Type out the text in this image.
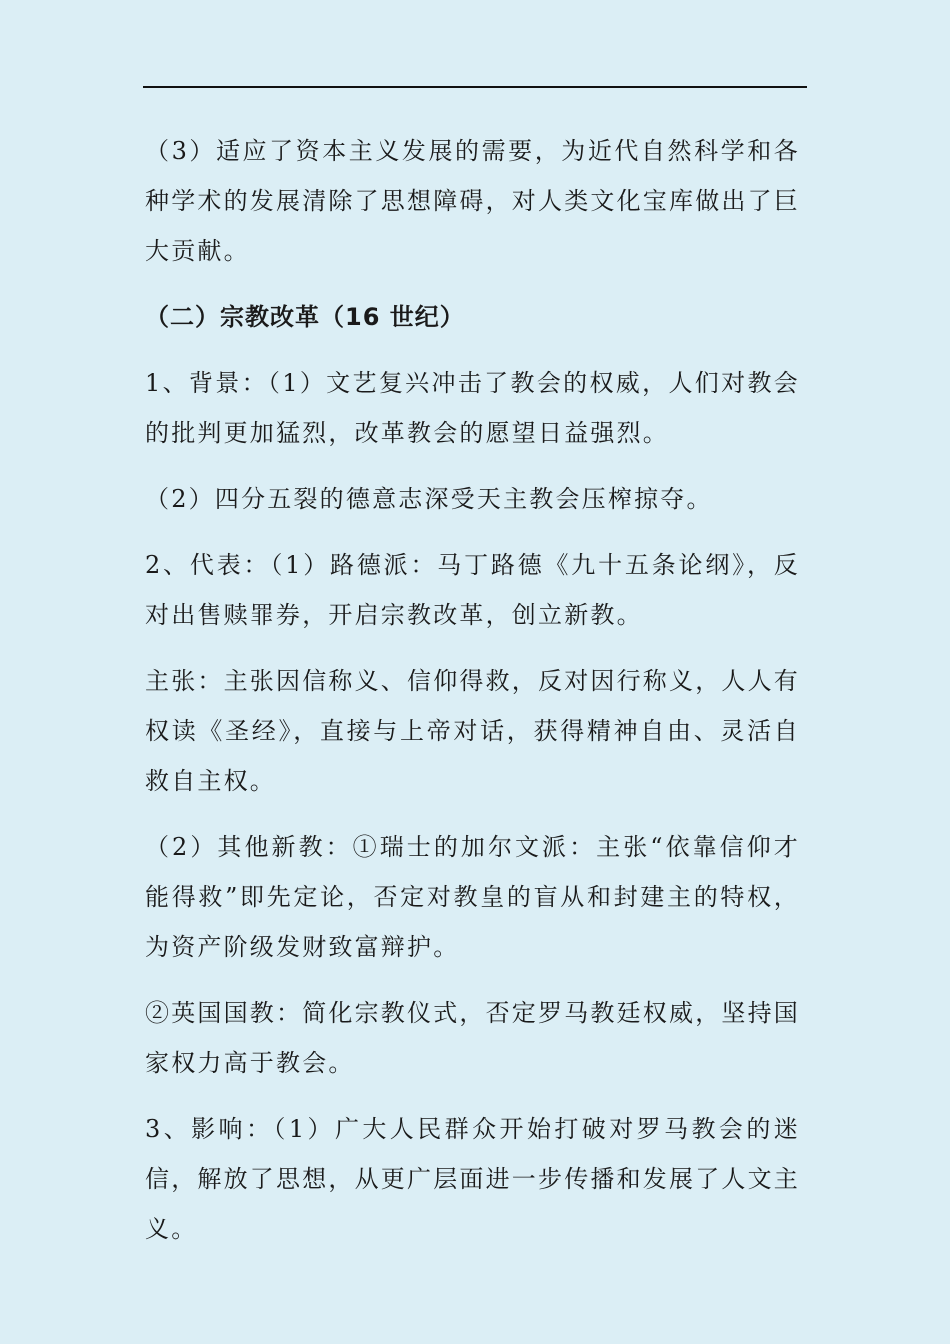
（3）适应了资本主义发展的需要，为近代自然科学和各种学术的发展清除了思想障碍，对人类文化宝库做出了巨大贡献。

（二）宗教改革（16 世纪）

1、背景：（1）文艺复兴冲击了教会的权威，人们对教会的批判更加猛烈，改革教会的愿望日益强烈。

（2）四分五裂的德意志深受天主教会压榨掠夺。

2、代表：（1）路德派：马丁路德《九十五条论纲》，反对出售赎罪券，开启宗教改革，创立新教。

主张：主张因信称义、信仰得救，反对因行称义，人人有权读《圣经》，直接与上帝对话，获得精神自由、灵活自救自主权。

（2）其他新教：①瑞士的加尔文派：主张“依靠信仰才能得救”即先定论，否定对教皇的盲从和封建主的特权，为资产阶级发财致富辩护。

②英国国教：简化宗教仪式，否定罗马教廷权威，坚持国家权力高于教会。

3、影响：（1）广大人民群众开始打破对罗马教会的迷信，解放了思想，从更广层面进一步传播和发展了人文主义。
